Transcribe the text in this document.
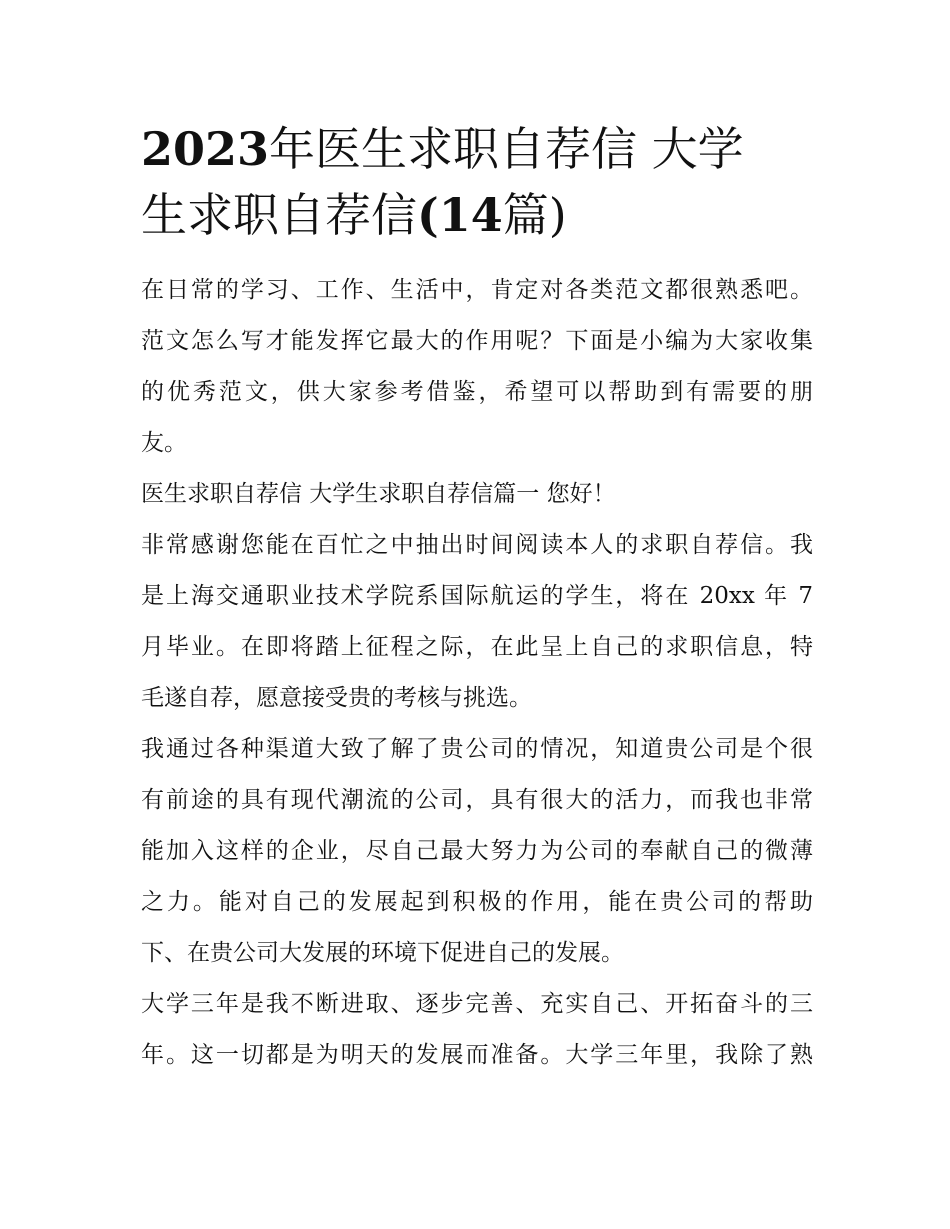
2023年医生求职自荐信 大学
生求职自荐信(14篇)

在日常的学习、工作、生活中，肯定对各类范文都很熟悉吧。
范文怎么写才能发挥它最大的作用呢？下面是小编为大家收集
的优秀范文，供大家参考借鉴，希望可以帮助到有需要的朋
友。

医生求职自荐信 大学生求职自荐信篇一 您好！

非常感谢您能在百忙之中抽出时间阅读本人的求职自荐信。我
是上海交通职业技术学院系国际航运的学生，将在 20xx 年 7
月毕业。在即将踏上征程之际，在此呈上自己的求职信息，特
毛遂自荐，愿意接受贵的考核与挑选。

我通过各种渠道大致了解了贵公司的情况，知道贵公司是个很
有前途的具有现代潮流的公司，具有很大的活力，而我也非常
能加入这样的企业，尽自己最大努力为公司的奉献自己的微薄
之力。能对自己的发展起到积极的作用，能在贵公司的帮助
下、在贵公司大发展的环境下促进自己的发展。

大学三年是我不断进取、逐步完善、充实自己、开拓奋斗的三
年。这一切都是为明天的发展而准备。大学三年里，我除了熟
